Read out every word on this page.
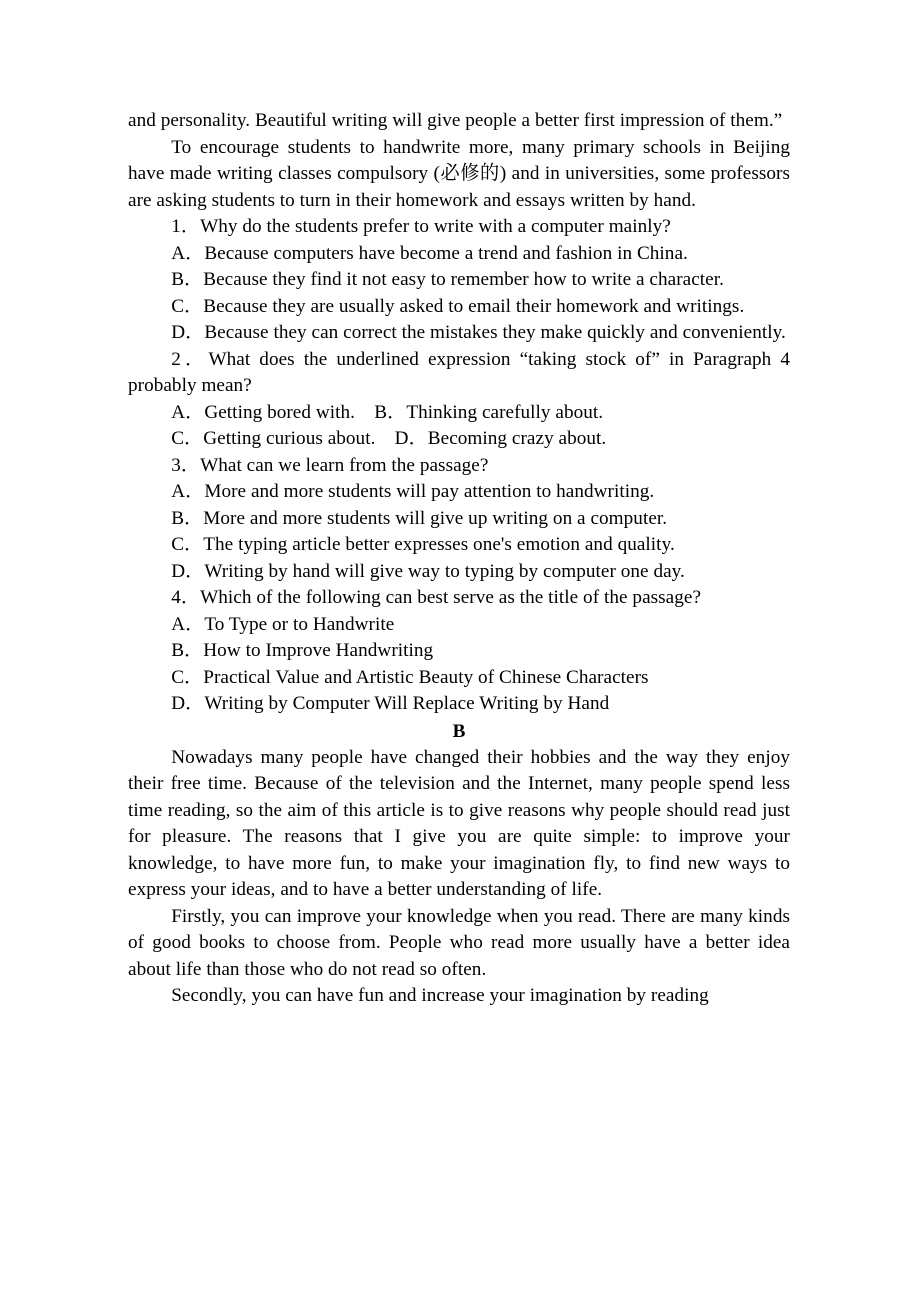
and personality. Beautiful writing will give people a better first impression of them.”

To encourage students to handwrite more, many primary schools in Beijing have made writing classes compulsory (必修的) and in universities, some professors are asking students to turn in their homework and essays written by hand.

1．Why do the students prefer to write with a computer mainly?

A．Because computers have become a trend and fashion in China.

B．Because they find it not easy to remember how to write a character.

C．Because they are usually asked to email their homework and writings.

D．Because they can correct the mistakes they make quickly and conveniently.

2．What does the underlined expression “taking stock of” in Paragraph 4 probably mean?

A．Getting bored with.　B．Thinking carefully about.

C．Getting curious about.　D．Becoming crazy about.

3．What can we learn from the passage?

A．More and more students will pay attention to handwriting.

B．More and more students will give up writing on a computer.

C．The typing article better expresses one's emotion and quality.

D．Writing by hand will give way to typing by computer one day.

4．Which of the following can best serve as the title of the passage?

A．To Type or to Handwrite

B．How to Improve Handwriting

C．Practical Value and Artistic Beauty of Chinese Characters

D．Writing by Computer Will Replace Writing by Hand

B

Nowadays many people have changed their hobbies and the way they enjoy their free time. Because of the television and the Internet, many people spend less time reading, so the aim of this article is to give reasons why people should read just for pleasure. The reasons that I give you are quite simple: to improve your knowledge, to have more fun, to make your imagination fly, to find new ways to express your ideas, and to have a better understanding of life.

Firstly, you can improve your knowledge when you read. There are many kinds of good books to choose from. People who read more usually have a better idea about life than those who do not read so often.

Secondly, you can have fun and increase your imagination by reading
